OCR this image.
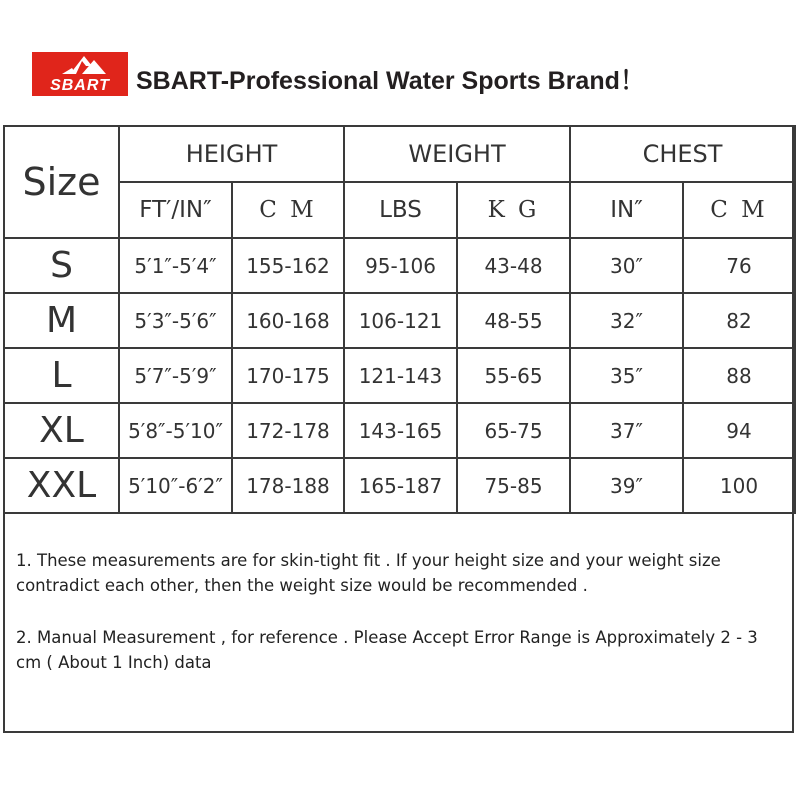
SBART SBART-Professional Water Sports Brand！
Size	HEIGHT		WEIGHT		CHEST	
	FT′/IN″	C M	LBS	K G	IN″	C M
S	5′1″-5′4″	155-162	95-106	43-48	30″	76
M	5′3″-5′6″	160-168	106-121	48-55	32″	82
L	5′7″-5′9″	170-175	121-143	55-65	35″	88
XL	5′8″-5′10″	172-178	143-165	65-75	37″	94
XXL	5′10″-6′2″	178-188	165-187	75-85	39″	100
1. These measurements are for skin-tight fit . If your height size and your weight size contradict each other, then the weight size would be recommended .
2. Manual Measurement , for reference . Please Accept Error Range is Approximately 2 - 3 cm ( About 1 Inch) data
